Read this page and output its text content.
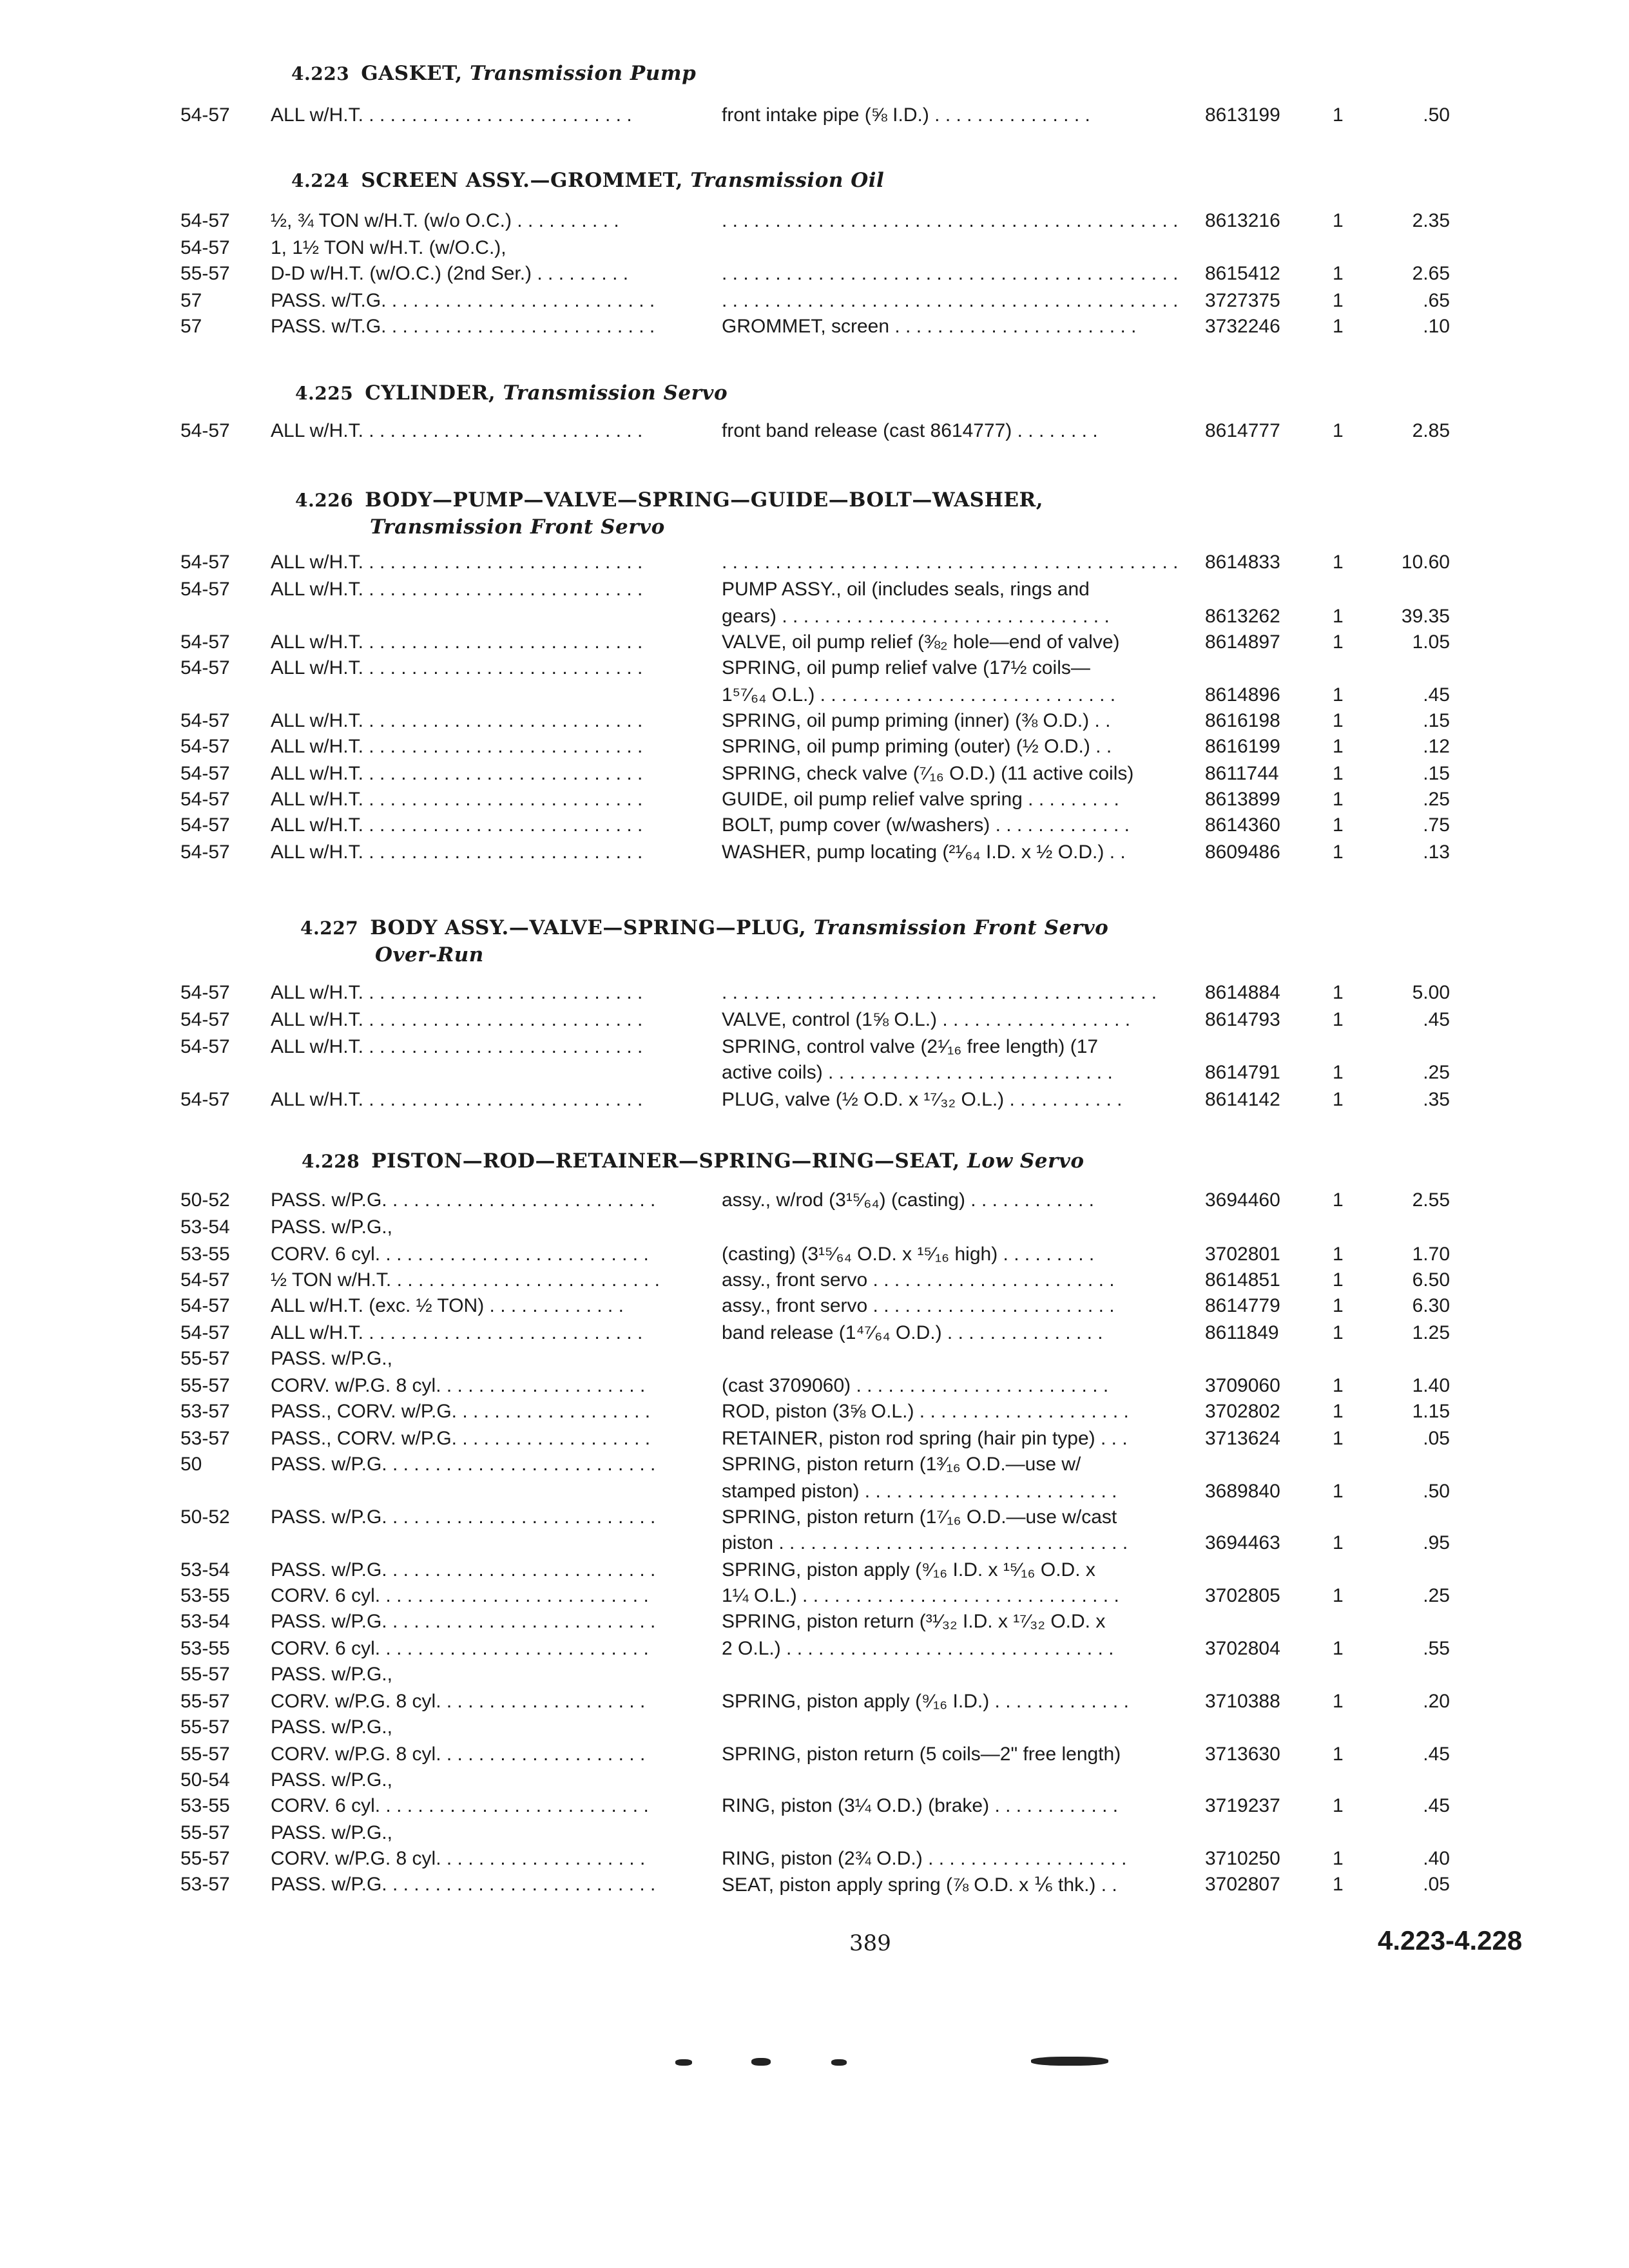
4.223 GASKET, Transmission Pump
4.224 SCREEN ASSY.—GROMMET, Transmission Oil
4.225 CYLINDER, Transmission Servo
4.226 BODY—PUMP—VALVE—SPRING—GUIDE—BOLT—WASHER,
Transmission Front Servo
4.227 BODY ASSY.—VALVE—SPRING—PLUG, Transmission Front Servo
Over-Run
4.228 PISTON—ROD—RETAINER—SPRING—RING—SEAT, Low Servo
54-57 ALL w/H.T. . . . . . . . . . . . . . . . . . . . . . . . . .	front intake pipe (⅝ I.D.) . . . . . . . . . . . . . . .	8613199	1	.50
54-57 ½, ¾ TON w/H.T. (w/o O.C.) . . . . . . . . . .	. . . . . . . . . . . . . . . . . . . . . . . . . . . . . . . . . . . . . . . . . . . 8613216	1	2.35
54-57 1, 1½ TON w/H.T. (w/O.C.),
55-57 D-D w/H.T. (w/O.C.) (2nd Ser.) . . . . . . . . .	. . . . . . . . . . . . . . . . . . . . . . . . . . . . . . . . . . . . . . . . . . . 8615412	1	2.65
57	PASS. w/T.G. . . . . . . . . . . . . . . . . . . . . . . . . .	. . . . . . . . . . . . . . . . . . . . . . . . . . . . . . . . . . . . . . . . . . . 3727375	1	.65
57	PASS. w/T.G. . . . . . . . . . . . . . . . . . . . . . . . . .	GROMMET, screen . . . . . . . . . . . . . . . . . . . . . . .	3732246	1	.10
54-57 ALL w/H.T. . . . . . . . . . . . . . . . . . . . . . . . . . .	front band release (cast 8614777) . . . . . . . .	8614777	1	2.85
54-57 ALL w/H.T. . . . . . . . . . . . . . . . . . . . . . . . . . .	. . . . . . . . . . . . . . . . . . . . . . . . . . . . . . . . . . . . . . . . . . . 8614833	1	10.60
54-57 ALL w/H.T. . . . . . . . . . . . . . . . . . . . . . . . . . .	PUMP ASSY., oil (includes seals, rings and
gears) . . . . . . . . . . . . . . . . . . . . . . . . . . . . . . .	8613262	1	39.35
54-57 ALL w/H.T. . . . . . . . . . . . . . . . . . . . . . . . . . .	VALVE, oil pump relief (⅜₂ hole—end of valve)	8614897	1	1.05
54-57 ALL w/H.T. . . . . . . . . . . . . . . . . . . . . . . . . . .	SPRING, oil pump relief valve (17½ coils—
1⁵⁷⁄₆₄ O.L.) . . . . . . . . . . . . . . . . . . . . . . . . . . . .	8614896	1	.45
54-57 ALL w/H.T. . . . . . . . . . . . . . . . . . . . . . . . . . .	SPRING, oil pump priming (inner) (⅜ O.D.) . .	8616198	1	.15
54-57 ALL w/H.T. . . . . . . . . . . . . . . . . . . . . . . . . . .	SPRING, oil pump priming (outer) (½ O.D.) . .	8616199	1	.12
54-57 ALL w/H.T. . . . . . . . . . . . . . . . . . . . . . . . . . .	SPRING, check valve (⁷⁄₁₆ O.D.) (11 active coils)	8611744	1	.15
54-57 ALL w/H.T. . . . . . . . . . . . . . . . . . . . . . . . . . .	GUIDE, oil pump relief valve spring . . . . . . . . .	8613899	1	.25
54-57 ALL w/H.T. . . . . . . . . . . . . . . . . . . . . . . . . . .	BOLT, pump cover (w/washers) . . . . . . . . . . . . .	8614360	1	.75
54-57 ALL w/H.T. . . . . . . . . . . . . . . . . . . . . . . . . . .	WASHER, pump locating (²¹⁄₆₄ I.D. x ½ O.D.) . .	8609486	1	.13
54-57 ALL w/H.T. . . . . . . . . . . . . . . . . . . . . . . . . . .	. . . . . . . . . . . . . . . . . . . . . . . . . . . . . . . . . . . . . . . . . 8614884	1	5.00
54-57 ALL w/H.T. . . . . . . . . . . . . . . . . . . . . . . . . . .	VALVE, control (1⅝ O.L.) . . . . . . . . . . . . . . . . . .	8614793	1	.45
54-57 ALL w/H.T. . . . . . . . . . . . . . . . . . . . . . . . . . .	SPRING, control valve (2¹⁄₁₆ free length) (17
active coils) . . . . . . . . . . . . . . . . . . . . . . . . . . .	8614791	1	.25
54-57 ALL w/H.T. . . . . . . . . . . . . . . . . . . . . . . . . . .	PLUG, valve (½ O.D. x ¹⁷⁄₃₂ O.L.) . . . . . . . . . . .	8614142	1	.35
50-52 PASS. w/P.G. . . . . . . . . . . . . . . . . . . . . . . . . .	assy., w/rod (3¹⁵⁄₆₄) (casting) . . . . . . . . . . . .	3694460	1	2.55
53-54 PASS. w/P.G.,
53-55 CORV. 6 cyl. . . . . . . . . . . . . . . . . . . . . . . . . .	(casting) (3¹⁵⁄₆₄ O.D. x ¹⁵⁄₁₆ high) . . . . . . . . .	3702801	1	1.70
54-57 ½ TON w/H.T. . . . . . . . . . . . . . . . . . . . . . . . . .	assy., front servo . . . . . . . . . . . . . . . . . . . . . . .	8614851	1	6.50
54-57 ALL w/H.T. (exc. ½ TON) . . . . . . . . . . . . .	assy., front servo . . . . . . . . . . . . . . . . . . . . . . .	8614779	1	6.30
54-57 ALL w/H.T. . . . . . . . . . . . . . . . . . . . . . . . . . .	band release (1⁴⁷⁄₆₄ O.D.) . . . . . . . . . . . . . . .	8611849	1	1.25
55-57 PASS. w/P.G.,
55-57 CORV. w/P.G. 8 cyl. . . . . . . . . . . . . . . . . . . .	(cast 3709060) . . . . . . . . . . . . . . . . . . . . . . . .	3709060	1	1.40
53-57 PASS., CORV. w/P.G. . . . . . . . . . . . . . . . . . .	ROD, piston (3⅝ O.L.) . . . . . . . . . . . . . . . . . . . .	3702802	1	1.15
53-57 PASS., CORV. w/P.G. . . . . . . . . . . . . . . . . . .	RETAINER, piston rod spring (hair pin type) . . .	3713624	1	.05
50	PASS. w/P.G. . . . . . . . . . . . . . . . . . . . . . . . . .	SPRING, piston return (1³⁄₁₆ O.D.—use w/
stamped piston) . . . . . . . . . . . . . . . . . . . . . . . .	3689840	1	.50
50-52 PASS. w/P.G. . . . . . . . . . . . . . . . . . . . . . . . . .	SPRING, piston return (1⁷⁄₁₆ O.D.—use w/cast
piston . . . . . . . . . . . . . . . . . . . . . . . . . . . . . . . . .	3694463	1	.95
53-54 PASS. w/P.G. . . . . . . . . . . . . . . . . . . . . . . . . .	SPRING, piston apply (⁹⁄₁₆ I.D. x ¹⁵⁄₁₆ O.D. x
53-55 CORV. 6 cyl. . . . . . . . . . . . . . . . . . . . . . . . . .	1¼ O.L.) . . . . . . . . . . . . . . . . . . . . . . . . . . . . . .	3702805	1	.25
53-54 PASS. w/P.G. . . . . . . . . . . . . . . . . . . . . . . . . .	SPRING, piston return (³¹⁄₃₂ I.D. x ¹⁷⁄₃₂ O.D. x
53-55 CORV. 6 cyl. . . . . . . . . . . . . . . . . . . . . . . . . .	2 O.L.) . . . . . . . . . . . . . . . . . . . . . . . . . . . . . . .	3702804	1	.55
55-57 PASS. w/P.G.,
55-57 CORV. w/P.G. 8 cyl. . . . . . . . . . . . . . . . . . . .	SPRING, piston apply (⁹⁄₁₆ I.D.) . . . . . . . . . . . . .	3710388	1	.20
55-57 PASS. w/P.G.,
55-57 CORV. w/P.G. 8 cyl. . . . . . . . . . . . . . . . . . . .	SPRING, piston return (5 coils—2" free length)	3713630	1	.45
50-54 PASS. w/P.G.,
53-55 CORV. 6 cyl. . . . . . . . . . . . . . . . . . . . . . . . . .	RING, piston (3¼ O.D.) (brake) . . . . . . . . . . . .	3719237	1	.45
55-57 PASS. w/P.G.,
55-57 CORV. w/P.G. 8 cyl. . . . . . . . . . . . . . . . . . . .	RING, piston (2¾ O.D.) . . . . . . . . . . . . . . . . . . .	3710250	1	.40
53-57 PASS. w/P.G. . . . . . . . . . . . . . . . . . . . . . . . . .	SEAT, piston apply spring (⅞ O.D. x ⅙ thk.) . .	3702807	1	.05
389	4.223-4.228
